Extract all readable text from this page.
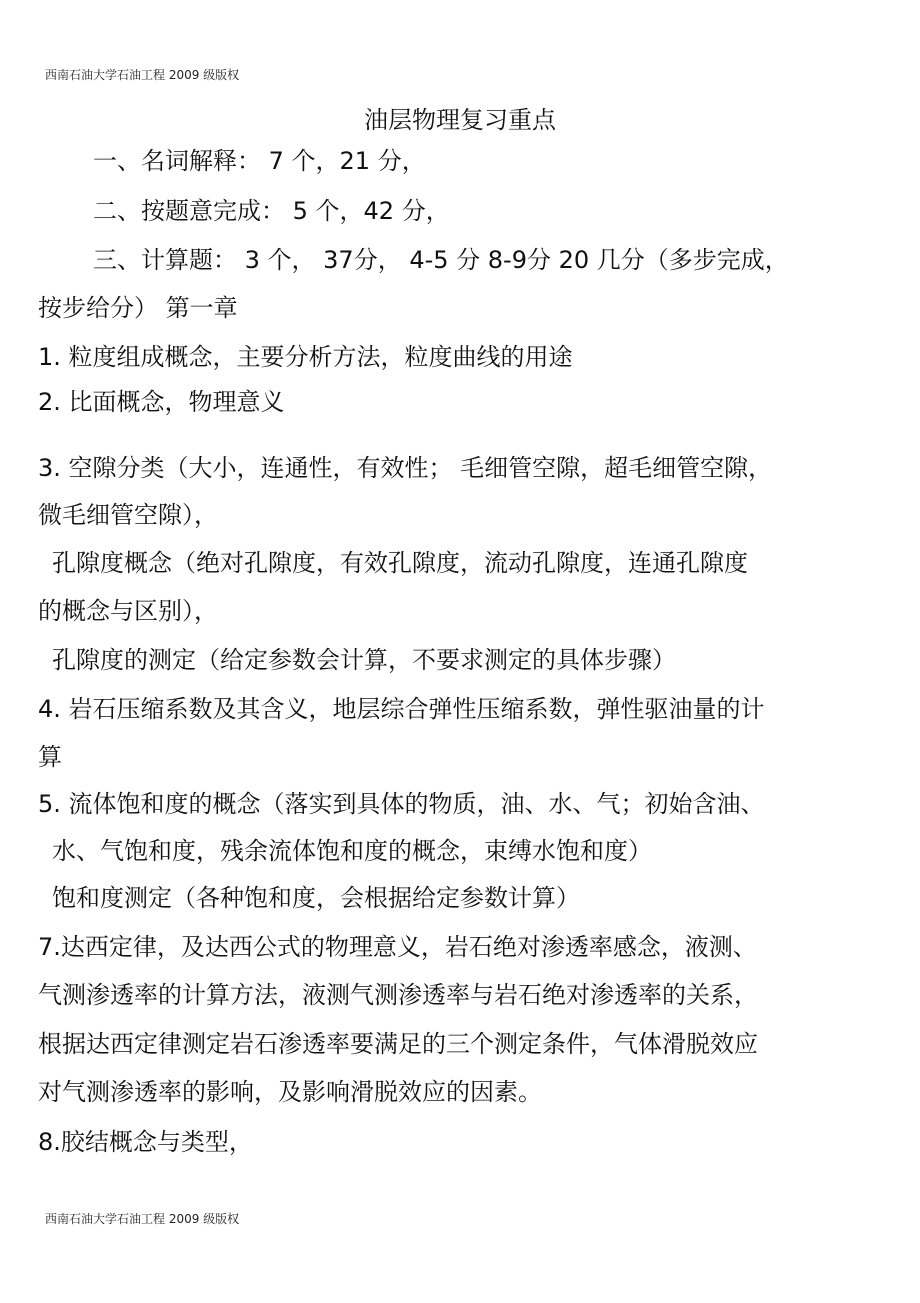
西南石油大学石油工程 2009 级版权
油层物理复习重点
一、名词解释： 7 个，21 分，
二、按题意完成： 5 个，42 分，
三、计算题： 3 个， 37分， 4-5 分 8-9分 20 几分（多步完成，
按步给分） 第一章
1. 粒度组成概念，主要分析方法，粒度曲线的用途
2. 比面概念，物理意义
3. 空隙分类（大小，连通性，有效性； 毛细管空隙，超毛细管空隙，
微毛细管空隙），
孔隙度概念（绝对孔隙度，有效孔隙度，流动孔隙度，连通孔隙度
的概念与区别），
孔隙度的测定（给定参数会计算，不要求测定的具体步骤）
4. 岩石压缩系数及其含义，地层综合弹性压缩系数，弹性驱油量的计
算
5. 流体饱和度的概念（落实到具体的物质，油、水、气；初始含油、
水、气饱和度，残余流体饱和度的概念，束缚水饱和度）
饱和度测定（各种饱和度，会根据给定参数计算）
7.达西定律，及达西公式的物理意义，岩石绝对渗透率感念，液测、
气测渗透率的计算方法，液测气测渗透率与岩石绝对渗透率的关系，
根据达西定律测定岩石渗透率要满足的三个测定条件，气体滑脱效应
对气测渗透率的影响，及影响滑脱效应的因素。
8.胶结概念与类型，
西南石油大学石油工程 2009 级版权
